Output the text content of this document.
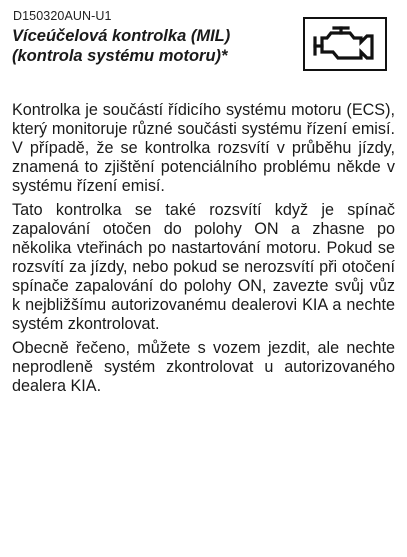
D150320AUN-U1
Víceúčelová kontrolka (MIL)
(kontrola systému motoru)*

Kontrolka je součástí řídicího systému motoru (ECS), který monitoruje různé součásti systému řízení emisí. V případě, že se kontrolka rozsvítí v průběhu jízdy, znamená to zjištění potenciálního problému někde v systému řízení emisí.

Tato kontrolka se také rozsvítí když je spínač zapalování otočen do polohy ON a zhasne po několika vteřinách po nastartování motoru. Pokud se rozsvítí za jízdy, nebo pokud se nerozsvítí při otočení spínače zapalování do polohy ON, zavezte svůj vůz k nejbližšímu autorizovanému dealerovi KIA a nechte systém zkontrolovat.

Obecně řečeno, můžete s vozem jezdit, ale nechte neprodleně systém zkontrolovat u autorizovaného dealera KIA.
